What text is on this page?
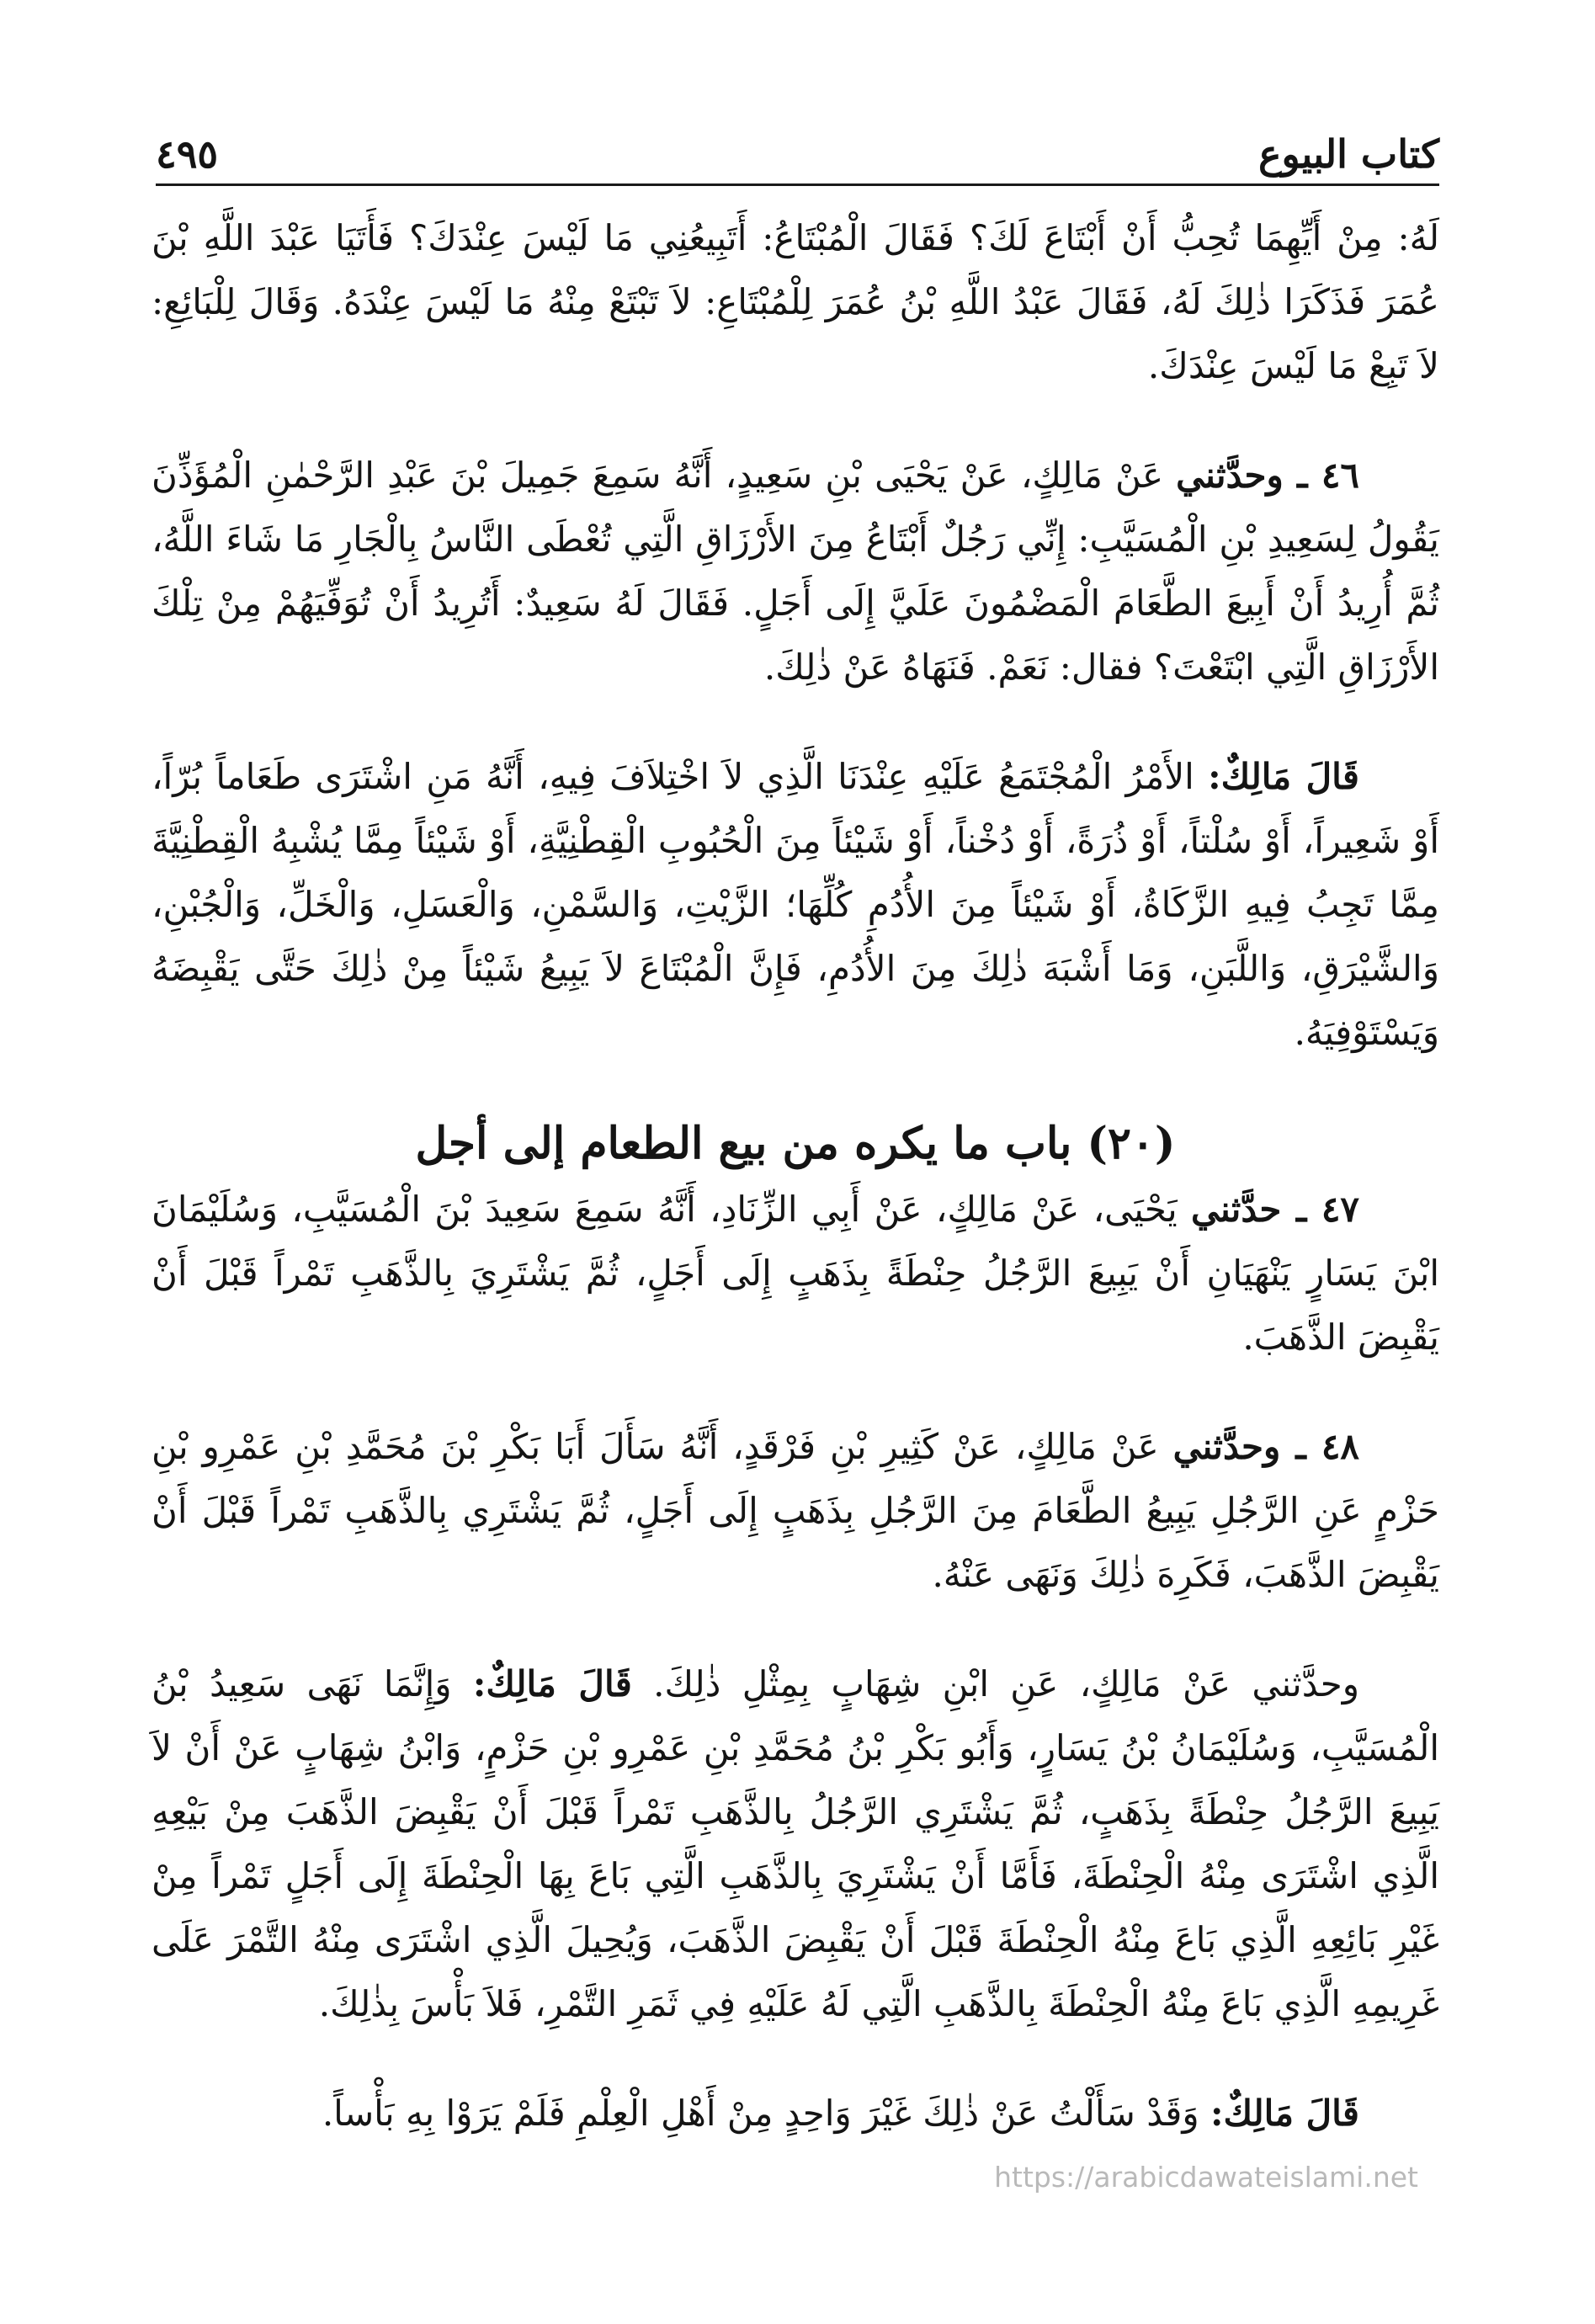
٤٩٥	كتاب البيوع

لَهُ: مِنْ أَيِّهِمَا تُحِبُّ أَنْ أَبْتَاعَ لَكَ؟ فَقَالَ الْمُبْتَاعُ: أَتَبِيعُنِي مَا لَيْسَ عِنْدَكَ؟ فَأَتَيَا عَبْدَ اللَّهِ بْنَ عُمَرَ فَذَكَرَا ذٰلِكَ لَهُ، فَقَالَ عَبْدُ اللَّهِ بْنُ عُمَرَ لِلْمُبْتَاعِ: لاَ تَبْتَعْ مِنْهُ مَا لَيْسَ عِنْدَهُ. وَقَالَ لِلْبَائِعِ: لاَ تَبِعْ مَا لَيْسَ عِنْدَكَ.

٤٦ ـ وحدَّثني عَنْ مَالِكٍ، عَنْ يَحْيَى بْنِ سَعِيدٍ، أَنَّهُ سَمِعَ جَمِيلَ بْنَ عَبْدِ الرَّحْمٰنِ الْمُؤَذِّنَ يَقُولُ لِسَعِيدِ بْنِ الْمُسَيَّبِ: إِنِّي رَجُلٌ أَبْتَاعُ مِنَ الأَرْزَاقِ الَّتِي تُعْطَى النَّاسُ بِالْجَارِ مَا شَاءَ اللَّهُ، ثُمَّ أُرِيدُ أَنْ أَبِيعَ الطَّعَامَ الْمَضْمُونَ عَلَيَّ إِلَى أَجَلٍ. فَقَالَ لَهُ سَعِيدٌ: أَتُرِيدُ أَنْ تُوَفِّيَهُمْ مِنْ تِلْكَ الأَرْزَاقِ الَّتِي ابْتَعْتَ؟ فقال: نَعَمْ. فَنَهَاهُ عَنْ ذٰلِكَ.

قَالَ مَالِكٌ: الأَمْرُ الْمُجْتَمَعُ عَلَيْهِ عِنْدَنَا الَّذِي لاَ اخْتِلاَفَ فِيهِ، أَنَّهُ مَنِ اشْتَرَى طَعَاماً بُرّاً، أَوْ شَعِيراً، أَوْ سُلْتاً، أَوْ ذُرَةً، أَوْ دُخْناً، أَوْ شَيْئاً مِنَ الْحُبُوبِ الْقِطْنِيَّةِ، أَوْ شَيْئاً مِمَّا يُشْبِهُ الْقِطْنِيَّةَ مِمَّا تَجِبُ فِيهِ الزَّكَاةُ، أَوْ شَيْئاً مِنَ الأُدُمِ كُلِّهَا؛ الزَّيْتِ، وَالسَّمْنِ، وَالْعَسَلِ، وَالْخَلِّ، وَالْجُبْنِ، وَالشَّيْرَقِ، وَاللَّبَنِ، وَمَا أَشْبَهَ ذٰلِكَ مِنَ الأُدُمِ، فَإِنَّ الْمُبْتَاعَ لاَ يَبِيعُ شَيْئاً مِنْ ذٰلِكَ حَتَّى يَقْبِضَهُ وَيَسْتَوْفِيَهُ.

(٢٠) باب ما يكره من بيع الطعام إلى أجل

٤٧ ـ حدَّثني يَحْيَى، عَنْ مَالِكٍ، عَنْ أَبِي الزِّنَادِ، أَنَّهُ سَمِعَ سَعِيدَ بْنَ الْمُسَيَّبِ، وَسُلَيْمَانَ ابْنَ يَسَارٍ يَنْهَيَانِ أَنْ يَبِيعَ الرَّجُلُ حِنْطَةً بِذَهَبٍ إِلَى أَجَلٍ، ثُمَّ يَشْتَرِيَ بِالذَّهَبِ تَمْراً قَبْلَ أَنْ يَقْبِضَ الذَّهَبَ.

٤٨ ـ وحدَّثني عَنْ مَالِكٍ، عَنْ كَثِيرِ بْنِ فَرْقَدٍ، أَنَّهُ سَأَلَ أَبَا بَكْرِ بْنَ مُحَمَّدِ بْنِ عَمْرِو بْنِ حَزْمٍ عَنِ الرَّجُلِ يَبِيعُ الطَّعَامَ مِنَ الرَّجُلِ بِذَهَبٍ إِلَى أَجَلٍ، ثُمَّ يَشْتَرِي بِالذَّهَبِ تَمْراً قَبْلَ أَنْ يَقْبِضَ الذَّهَبَ، فَكَرِهَ ذٰلِكَ وَنَهَى عَنْهُ.

وحدَّثني عَنْ مَالِكٍ، عَنِ ابْنِ شِهَابٍ بِمِثْلِ ذٰلِكَ. قَالَ مَالِكٌ: وَإِنَّمَا نَهَى سَعِيدُ بْنُ الْمُسَيَّبِ، وَسُلَيْمَانُ بْنُ يَسَارٍ، وَأَبُو بَكْرِ بْنُ مُحَمَّدِ بْنِ عَمْرِو بْنِ حَزْمٍ، وَابْنُ شِهَابٍ عَنْ أَنْ لاَ يَبِيعَ الرَّجُلُ حِنْطَةً بِذَهَبٍ، ثُمَّ يَشْتَرِي الرَّجُلُ بِالذَّهَبِ تَمْراً قَبْلَ أَنْ يَقْبِضَ الذَّهَبَ مِنْ بَيْعِهِ الَّذِي اشْتَرَى مِنْهُ الْحِنْطَةَ، فَأَمَّا أَنْ يَشْتَرِيَ بِالذَّهَبِ الَّتِي بَاعَ بِهَا الْحِنْطَةَ إِلَى أَجَلٍ تَمْراً مِنْ غَيْرِ بَائِعِهِ الَّذِي بَاعَ مِنْهُ الْحِنْطَةَ قَبْلَ أَنْ يَقْبِضَ الذَّهَبَ، وَيُحِيلَ الَّذِي اشْتَرَى مِنْهُ التَّمْرَ عَلَى غَرِيمِهِ الَّذِي بَاعَ مِنْهُ الْحِنْطَةَ بِالذَّهَبِ الَّتِي لَهُ عَلَيْهِ فِي ثَمَرِ التَّمْرِ، فَلاَ بَأْسَ بِذٰلِكَ.

قَالَ مَالِكٌ: وَقَدْ سَأَلْتُ عَنْ ذٰلِكَ غَيْرَ وَاحِدٍ مِنْ أَهْلِ الْعِلْمِ فَلَمْ يَرَوْا بِهِ بَأْساً.

https://arabicdawateislami.net
